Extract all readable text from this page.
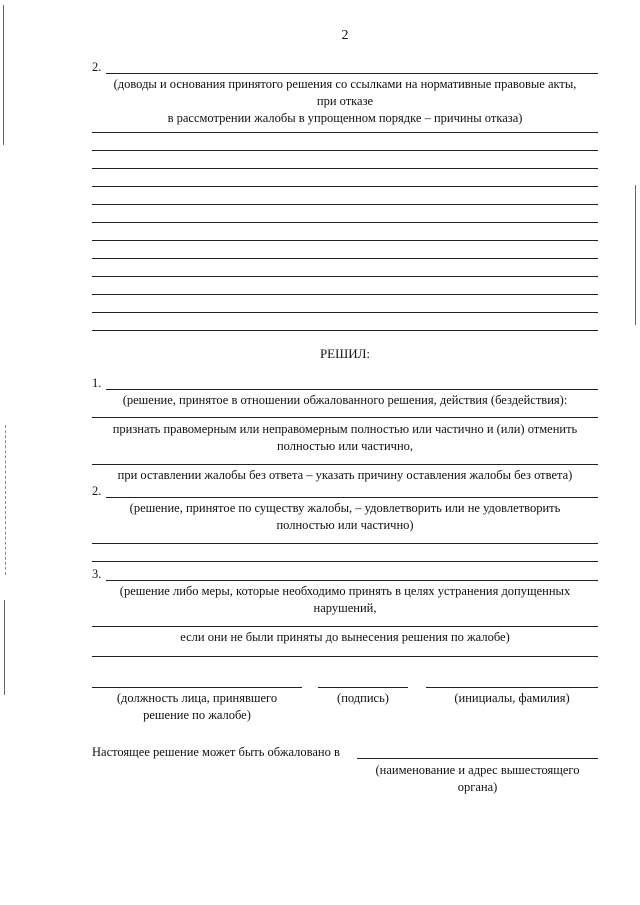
2
2.
(доводы и основания принятого решения со ссылками на нормативные правовые акты,
при отказе
в рассмотрении жалобы в упрощенном порядке – причины отказа)
РЕШИЛ:
1.
(решение, принятое в отношении обжалованного решения, действия (бездействия):
признать правомерным или неправомерным полностью или частично и (или) отменить
полностью или частично,
при оставлении жалобы без ответа – указать причину оставления жалобы без ответа)
2.
(решение, принятое по существу жалобы, – удовлетворить или не удовлетворить
полностью или частично)
3.
(решение либо меры, которые необходимо принять в целях устранения допущенных
нарушений,
если они не были приняты до вынесения решения по жалобе)
(должность лица, принявшего
решение по жалобе)
(подпись)	(инициалы, фамилия)
Настоящее решение может быть обжаловано в
(наименование и адрес вышестоящего
органа)
